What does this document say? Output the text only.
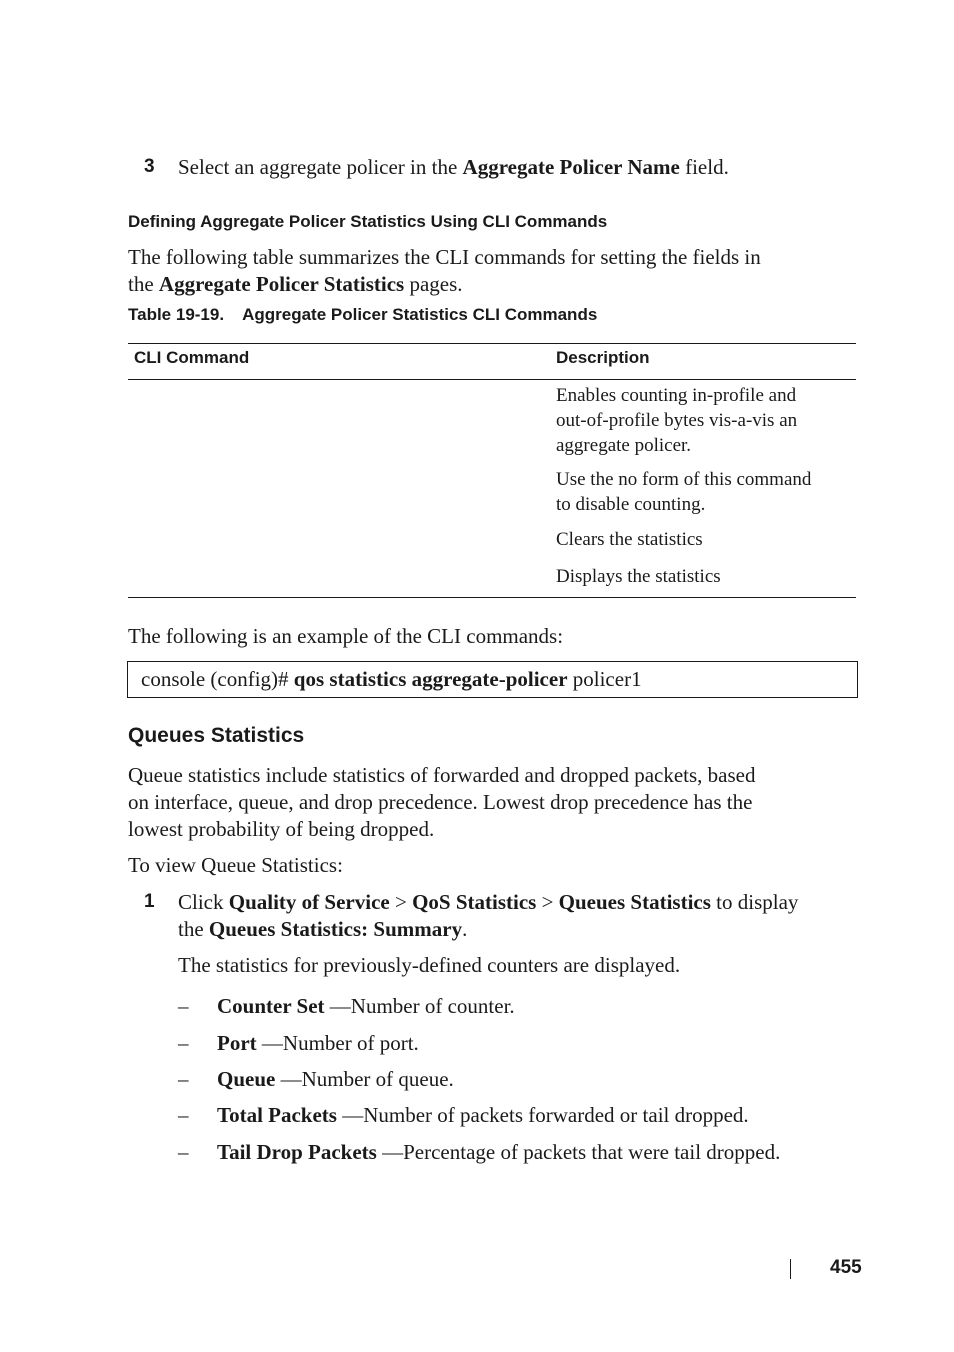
3 Select an aggregate policer in the Aggregate Policer Name field.
Defining Aggregate Policer Statistics Using CLI Commands
The following table summarizes the CLI commands for setting the fields in
the Aggregate Policer Statistics pages.
Table 19-19. Aggregate Policer Statistics CLI Commands
CLI Command	Description
Enables counting in-profile and
out-of-profile bytes vis-a-vis an
aggregate policer.
Use the no form of this command
to disable counting.
Clears the statistics
Displays the statistics
The following is an example of the CLI commands:
console (config)# qos statistics aggregate-policer policer1
Queues Statistics
Queue statistics include statistics of forwarded and dropped packets, based
on interface, queue, and drop precedence. Lowest drop precedence has the
lowest probability of being dropped.
To view Queue Statistics:
1 Click Quality of Service > QoS Statistics > Queues Statistics to display
the Queues Statistics: Summary.
The statistics for previously-defined counters are displayed.
– Counter Set —Number of counter.
– Port —Number of port.
– Queue —Number of queue.
– Total Packets —Number of packets forwarded or tail dropped.
– Tail Drop Packets —Percentage of packets that were tail dropped.
455
